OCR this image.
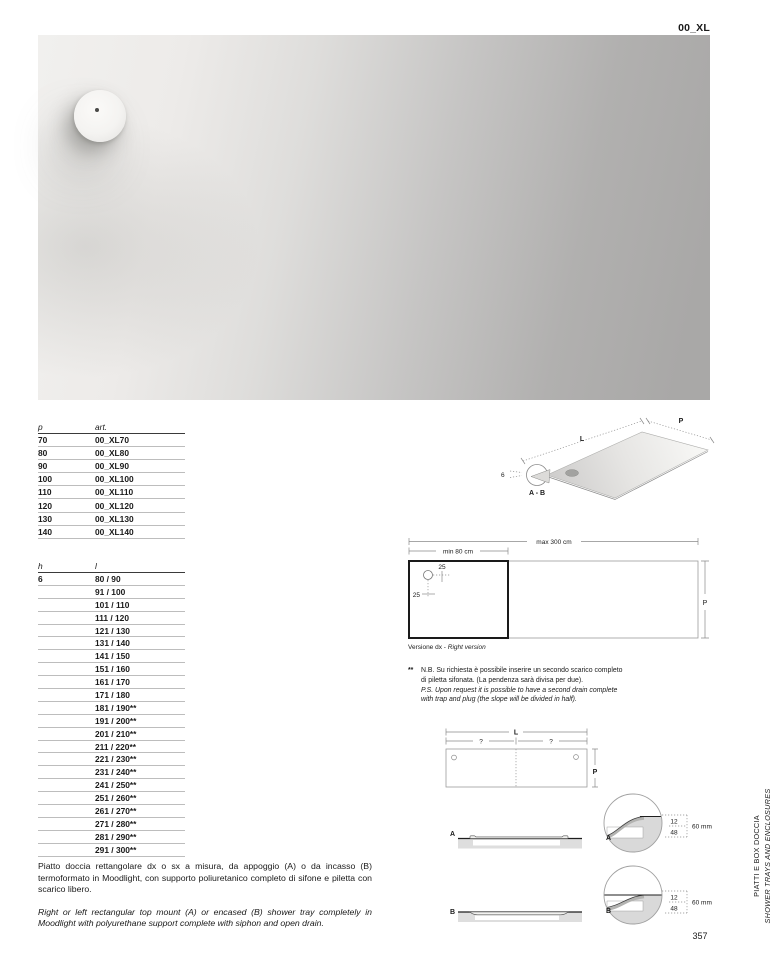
00_XL
p	art.
70	00_XL70
80	00_XL80
90	00_XL90
100	00_XL100
110	00_XL110
120	00_XL120
130	00_XL130
140	00_XL140
h	l
6	80 / 90
91 / 100
101 / 110
111 / 120
121 / 130
131 / 140
141 / 150
151 / 160
161 / 170
171 / 180
181 / 190**
191 / 200**
201 / 210**
211 / 220**
221 / 230**
231 / 240**
241 / 250**
251 / 260**
261 / 270**
271 / 280**
281 / 290**
291 / 300**
L
P
6
A - B
max 300 cm
min 80 cm
25
25
P
Versione dx - Right version
** N.B. Su richiesta è possibile inserire un secondo scarico completo
di piletta sifonata. (La pendenza sarà divisa per due).
P.S. Upon request it is possible to have a second drain complete
with trap and plug (the slope will be divided in half).
L
?	?
P
A
A
12
48
60 mm
B	B
12
48
60 mm
Piatto doccia rettangolare dx o sx a misura, da appoggio (A) o da incasso (B) termoformato in Moodlight, con supporto poliuretanico completo di sifone e piletta con scarico libero.
Right or left rectangular top mount (A) or encased (B) shower tray completely in Moodlight with polyurethane support complete with siphon and open drain.
PIATTI E BOX DOCCIA SHOWER TRAYS AND ENCLOSURES
357
